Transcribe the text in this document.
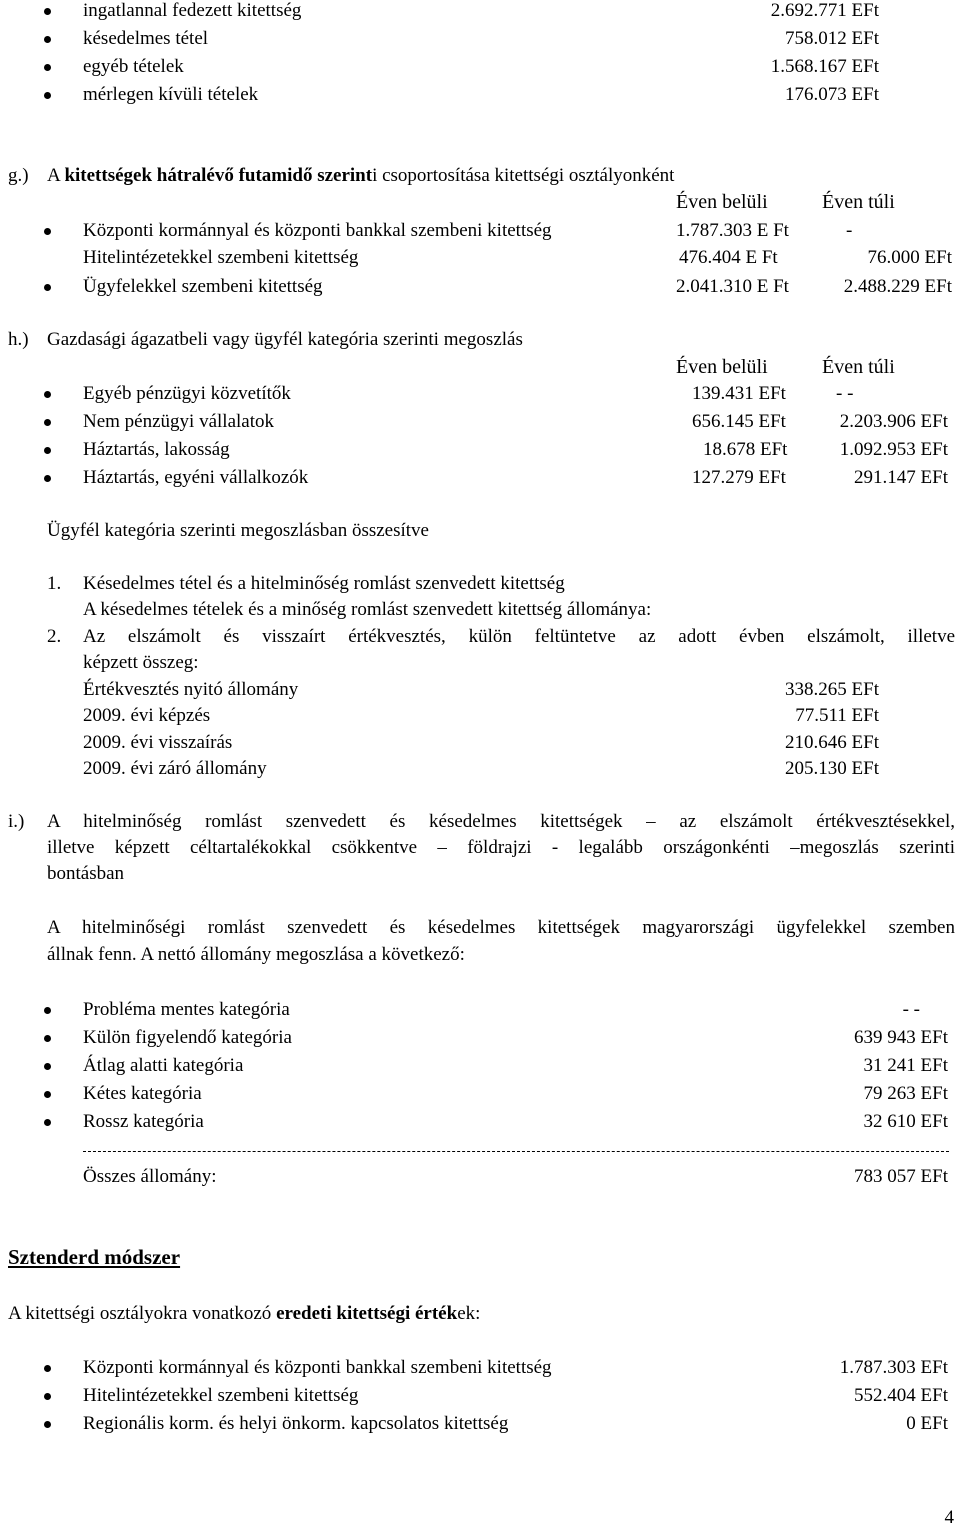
ingatlannal fedezett kitettség	2.692.771 EFt
késedelmes tétel	758.012 EFt
egyéb tételek	1.568.167 EFt
mérlegen kívüli tételek	176.073 EFt
g.) A kitettségek hátralévő futamidő szerinti csoportosítása kitettségi osztályonként
Éven belüli	Éven túli
Központi kormánnyal és központi bankkal szembeni kitettség	1.787.303 E Ft	-
Hitelintézetekkel szembeni kitettség	476.404 E Ft	76.000 EFt
Ügyfelekkel szembeni kitettség	2.041.310 E Ft	2.488.229 EFt
h.) Gazdasági ágazatbeli vagy ügyfél kategória szerinti megoszlás
Éven belüli	Éven túli
Egyéb pénzügyi közvetítők	139.431 EFt	- -
Nem pénzügyi vállalatok	656.145 EFt	2.203.906 EFt
Háztartás, lakosság	18.678 EFt	1.092.953 EFt
Háztartás, egyéni vállalkozók	127.279 EFt	291.147 EFt
Ügyfél kategória szerinti megoszlásban összesítve
1. Késedelmes tétel és a hitelminőség romlást szenvedett kitettség
A késedelmes tételek és a minőség romlást szenvedett kitettség állománya:
2. Az elszámolt és visszaírt értékvesztés, külön feltüntetve az adott évben elszámolt, illetve
képzett összeg:
Értékvesztés nyitó állomány	338.265 EFt
2009. évi képzés	77.511 EFt
2009. évi visszaírás	210.646 EFt
2009. évi záró állomány	205.130 EFt
i.) A hitelminőség romlást szenvedett és késedelmes kitettségek – az elszámolt értékvesztésekkel,
illetve képzett céltartalékokkal csökkentve – földrajzi - legalább országonkénti –megoszlás szerinti
bontásban
A hitelminőségi romlást szenvedett és késedelmes kitettségek magyarországi ügyfelekkel szemben
állnak fenn. A nettó állomány megoszlása a következő:
Probléma mentes kategória	- -
Külön figyelendő kategória	639 943 EFt
Átlag alatti kategória	31 241 EFt
Kétes kategória	79 263 EFt
Rossz kategória	32 610 EFt
Összes állomány:	783 057 EFt
Sztenderd módszer
A kitettségi osztályokra vonatkozó eredeti kitettségi értékek:
Központi kormánnyal és központi bankkal szembeni kitettség	1.787.303 EFt
Hitelintézetekkel szembeni kitettség	552.404 EFt
Regionális korm. és helyi önkorm. kapcsolatos kitettség	0 EFt
4
